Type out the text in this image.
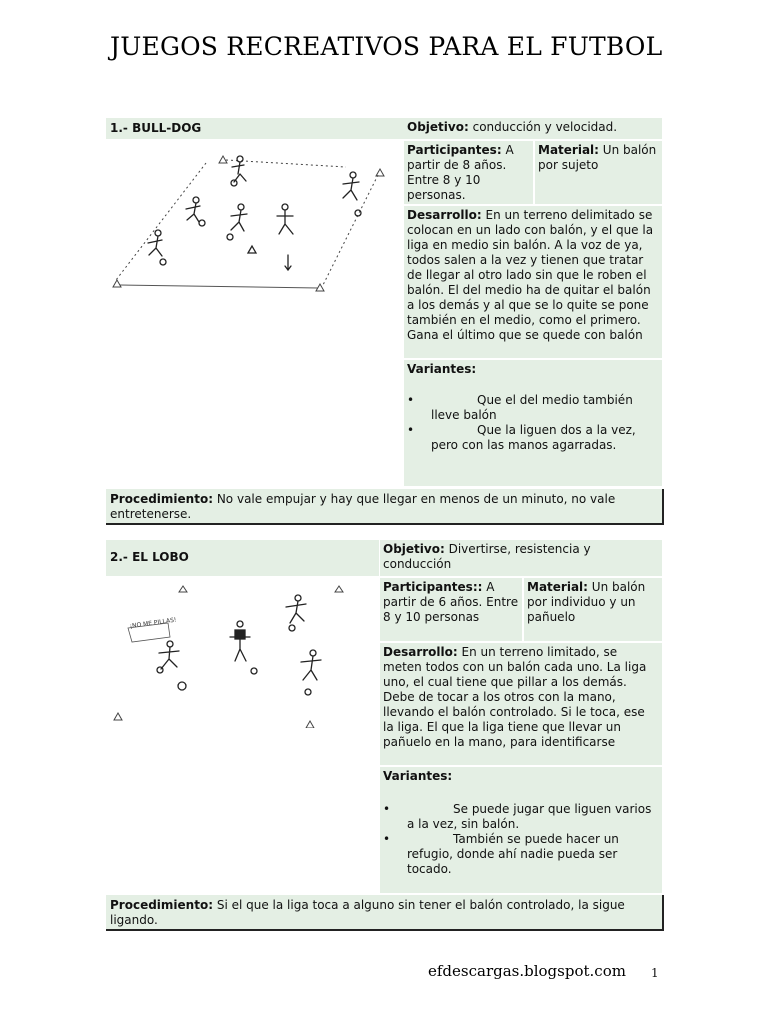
JUEGOS RECREATIVOS PARA EL FUTBOL
1.- BULL-DOG	Objetivo: conducción y velocidad.
Participantes: A partir de 8 años. Entre 8 y 10 personas.
Material: Un balón por sujeto
Desarrollo: En un terreno delimitado se colocan en un lado con balón, y el que la liga en medio sin balón. A la voz de ya, todos salen a la vez y tienen que tratar de llegar al otro lado sin que le roben el balón. El del medio ha de quitar el balón a los demás y al que se lo quite se pone también en el medio, como el primero. Gana el último que se quede con balón
Variantes:
•	Que el del medio también lleve balón
•	Que la liguen dos a la vez, pero con las manos agarradas.
Procedimiento: No vale empujar y hay que llegar en menos de un minuto, no vale entretenerse.
2.- EL LOBO
Objetivo: Divertirse, resistencia y conducción
¡NO ME PILLAS!
Participantes:: A partir de 6 años. Entre 8 y 10 personas
Material: Un balón por individuo y un pañuelo
Desarrollo: En un terreno limitado, se meten todos con un balón cada uno. La liga uno, el cual tiene que pillar a los demás. Debe de tocar a los otros con la mano, llevando el balón controlado. Si le toca, ese la liga. El que la liga tiene que llevar un pañuelo en la mano, para identificarse
Variantes:
•	Se puede jugar que liguen varios a la vez, sin balón.
•	También se puede hacer un refugio, donde ahí nadie pueda ser tocado.
Procedimiento: Si el que la liga toca a alguno sin tener el balón controlado, la sigue ligando.
efdescargas.blogspot.com 1
